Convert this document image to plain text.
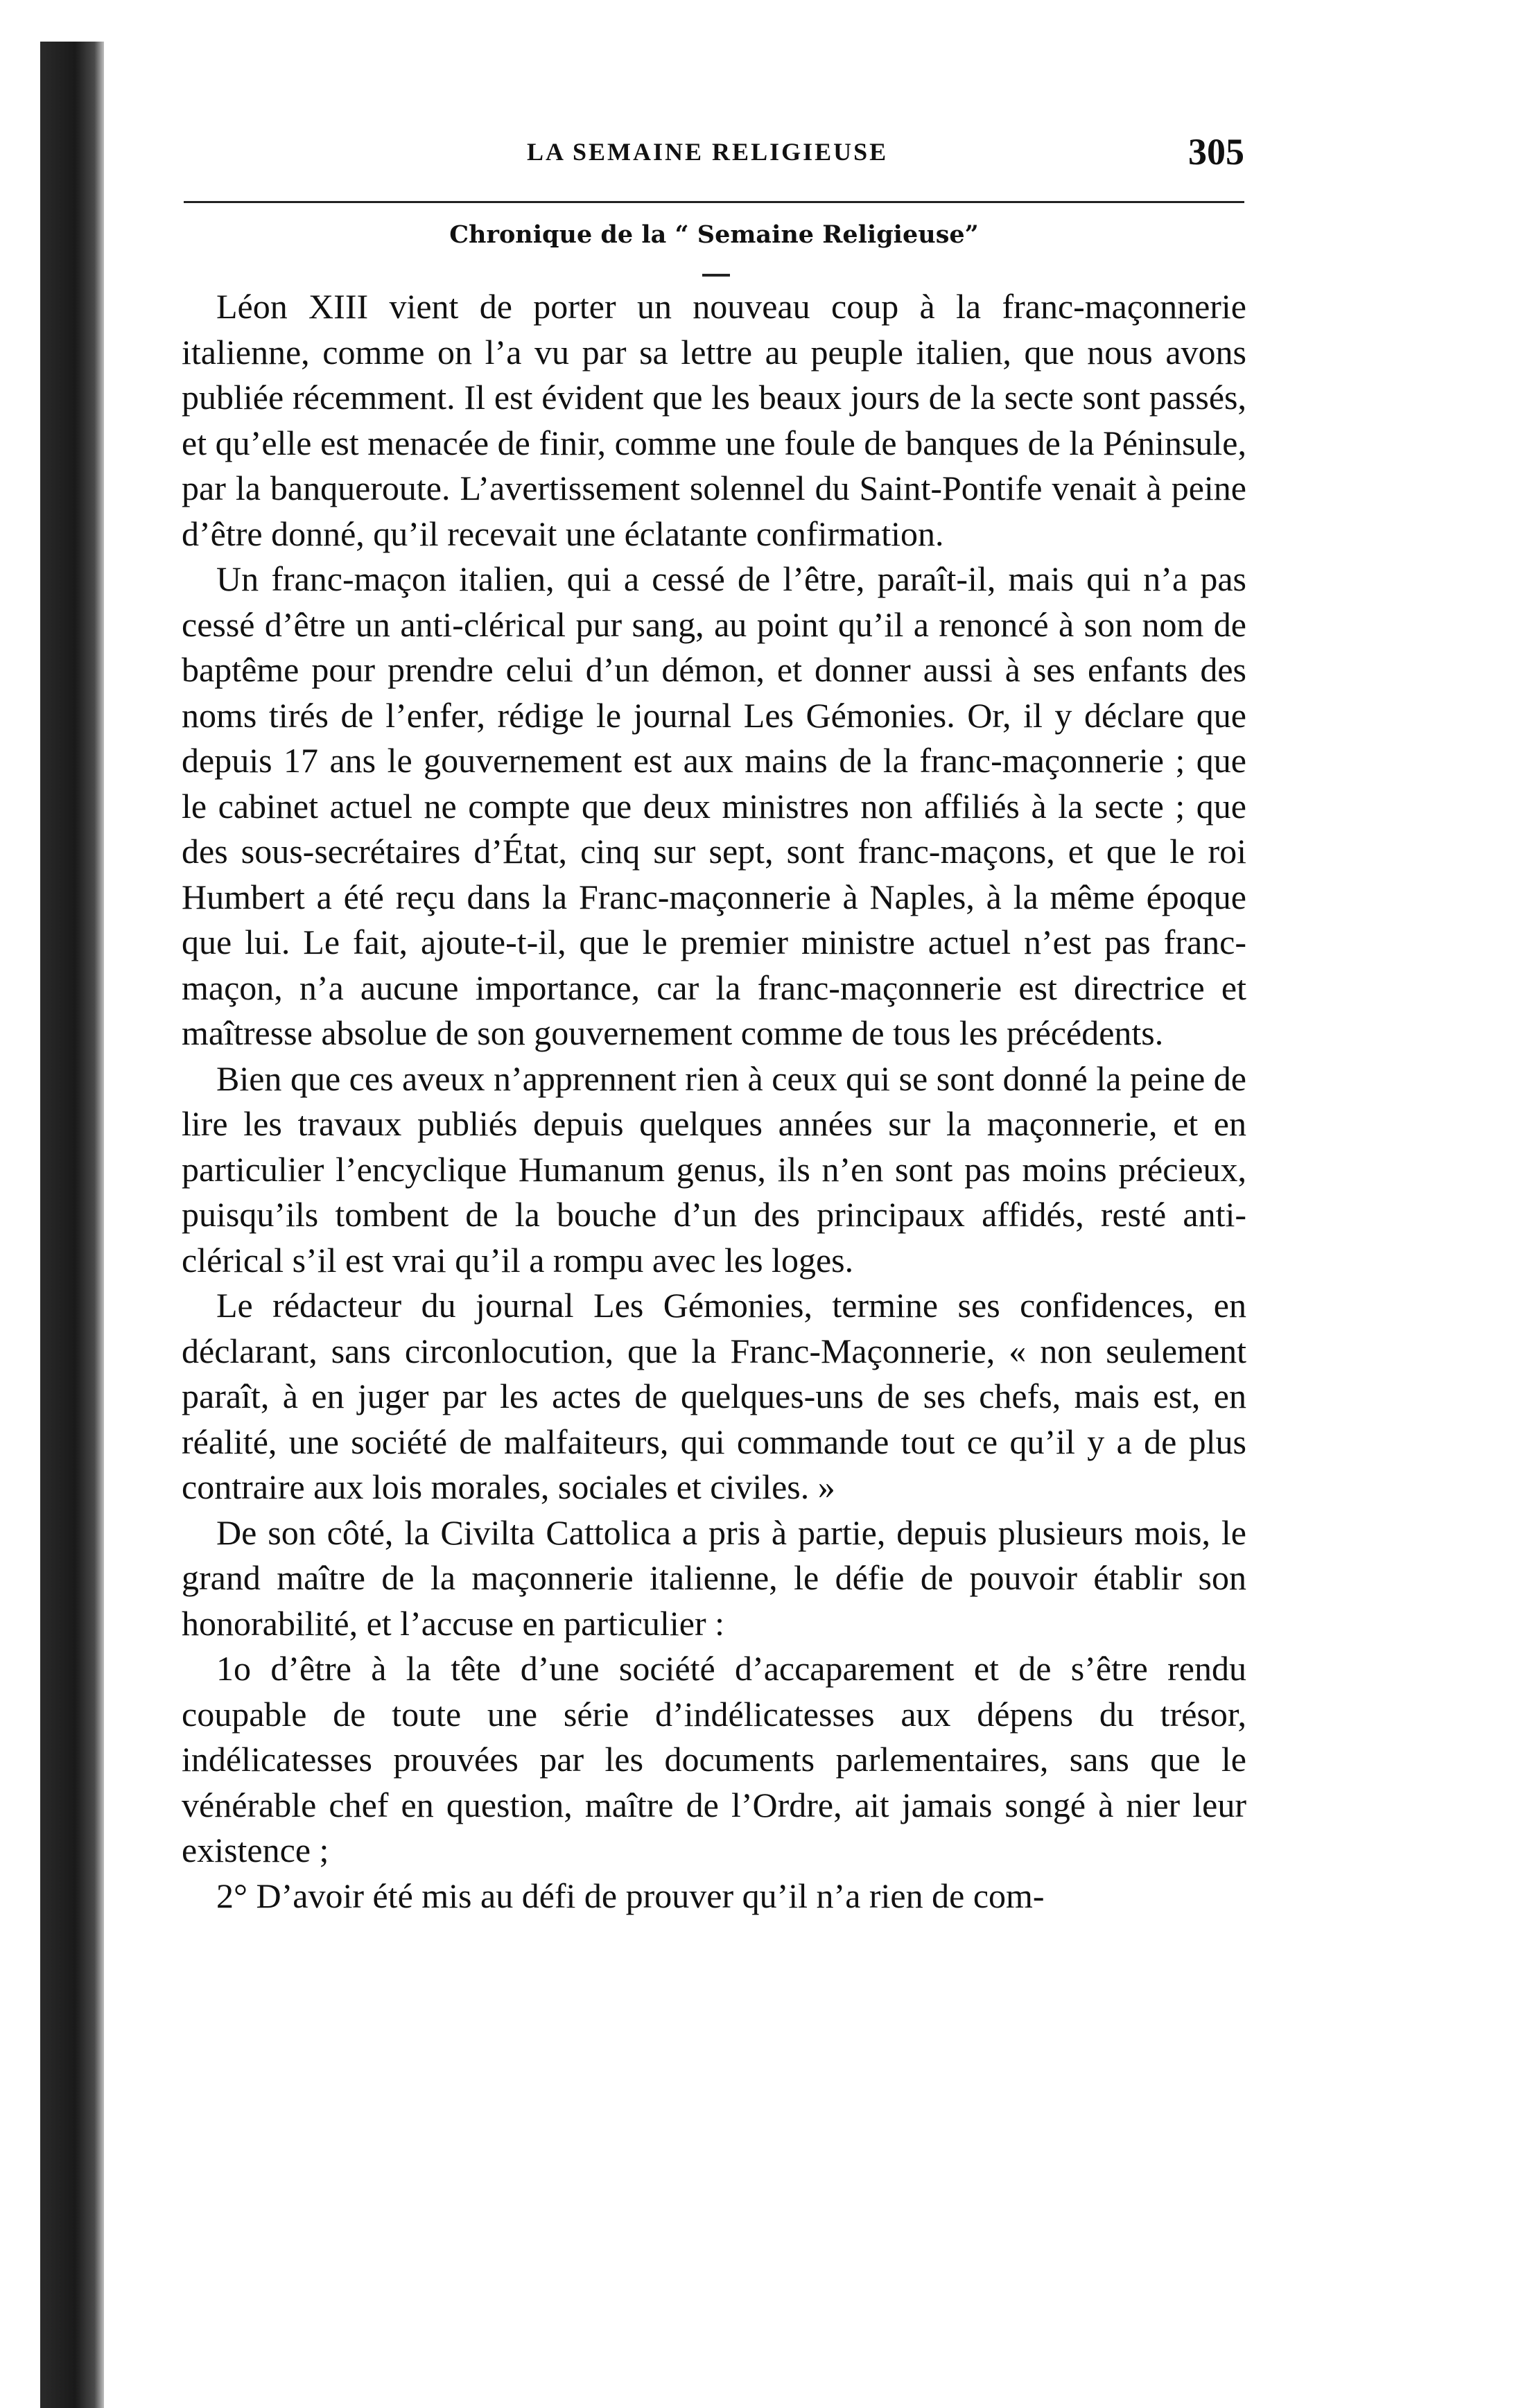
LA SEMAINE RELIGIEUSE	305
Chronique de la “ Semaine Religieuse”

Léon XIII vient de porter un nouveau coup à la franc-maçonnerie italienne, comme on l’a vu par sa lettre au peuple italien, que nous avons publiée récemment. Il est évident que les beaux jours de la secte sont passés, et qu’elle est menacée de finir, comme une foule de banques de la Péninsule, par la banqueroute. L’avertissement solennel du Saint-Pontife venait à peine d’être donné, qu’il recevait une éclatante confirmation.

Un franc-maçon italien, qui a cessé de l’être, paraît-il, mais qui n’a pas cessé d’être un anti-clérical pur sang, au point qu’il a renoncé à son nom de baptême pour prendre celui d’un démon, et donner aussi à ses enfants des noms tirés de l’enfer, rédige le journal Les Gémonies. Or, il y déclare que depuis 17 ans le gouvernement est aux mains de la franc-maçonnerie ; que le cabinet actuel ne compte que deux ministres non affiliés à la secte ; que des sous-secrétaires d’État, cinq sur sept, sont franc-maçons, et que le roi Humbert a été reçu dans la Franc-maçonnerie à Naples, à la même époque que lui. Le fait, ajoute-t-il, que le premier ministre actuel n’est pas franc-maçon, n’a aucune importance, car la franc-maçonnerie est directrice et maîtresse absolue de son gouvernement comme de tous les précédents.

Bien que ces aveux n’apprennent rien à ceux qui se sont donné la peine de lire les travaux publiés depuis quelques années sur la maçonnerie, et en particulier l’encyclique Humanum genus, ils n’en sont pas moins précieux, puisqu’ils tombent de la bouche d’un des principaux affidés, resté anti-clérical s’il est vrai qu’il a rompu avec les loges.

Le rédacteur du journal Les Gémonies, termine ses confidences, en déclarant, sans circonlocution, que la Franc-Maçonnerie, « non seulement paraît, à en juger par les actes de quelques-uns de ses chefs, mais est, en réalité, une société de malfaiteurs, qui commande tout ce qu’il y a de plus contraire aux lois morales, sociales et civiles. »

De son côté, la Civilta Cattolica a pris à partie, depuis plusieurs mois, le grand maître de la maçonnerie italienne, le défie de pouvoir établir son honorabilité, et l’accuse en particulier :

1o d’être à la tête d’une société d’accaparement et de s’être rendu coupable de toute une série d’indélicatesses aux dépens du trésor, indélicatesses prouvées par les documents parlementaires, sans que le vénérable chef en question, maître de l’Ordre, ait jamais songé à nier leur existence ;

2° D’avoir été mis au défi de prouver qu’il n’a rien de com-
